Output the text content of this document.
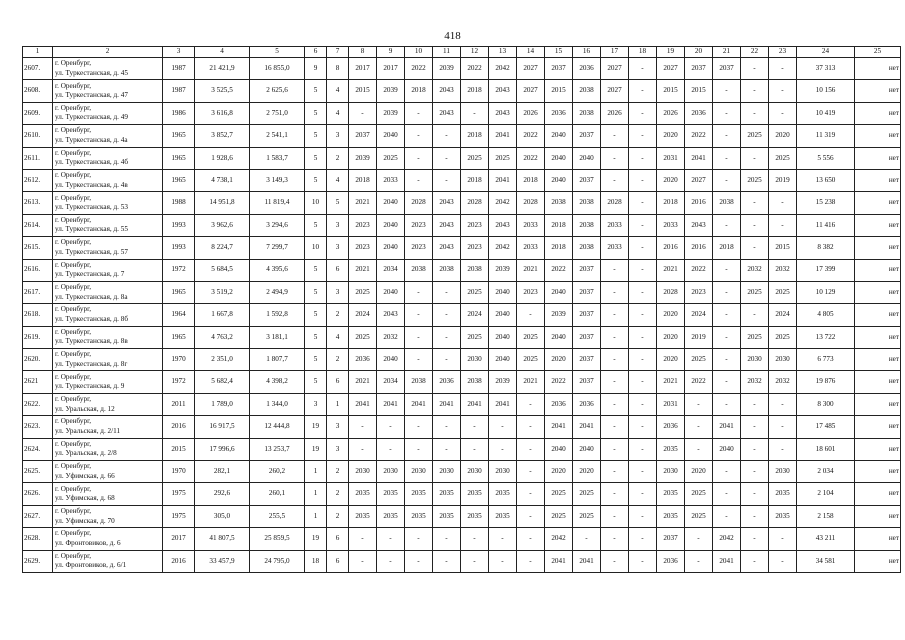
418
1	2	3	4	5	6	7	8	9	10	11	12	13	14	15	16	17	18	19	20	21	22	23	24	25
2607.	г. Оренбург,
ул. Туркестанская, д. 45	1987	21 421,9	16 855,0	9	8	2017	2017	2022	2039	2022	2042	2027	2037	2036	2027	-	2027	2037	2037	-	-	37 313	нет
2608.	г. Оренбург,
ул. Туркестанская, д. 47	1987	3 525,5	2 625,6	5	4	2015	2039	2018	2043	2018	2043	2027	2015	2038	2027	-	2015	2015	-	-	-	10 156	нет
2609.	г. Оренбург,
ул. Туркестанская, д. 49	1986	3 616,8	2 751,0	5	4	-	2039	-	2043	-	2043	2026	2036	2038	2026	-	2026	2036	-	-	-	10 419	нет
2610.	г. Оренбург,
ул. Туркестанская, д. 4а	1965	3 852,7	2 541,1	5	3	2037	2040	-	-	2018	2041	2022	2040	2037	-	-	2020	2022	-	2025	2020	11 319	нет
2611.	г. Оренбург,
ул. Туркестанская, д. 4б	1965	1 928,6	1 583,7	5	2	2039	2025	-	-	2025	2025	2022	2040	2040	-	-	2031	2041	-	-	2025	5 556	нет
2612.	г. Оренбург,
ул. Туркестанская, д. 4в	1965	4 738,1	3 149,3	5	4	2018	2033	-	-	2018	2041	2018	2040	2037	-	-	2020	2027	-	2025	2019	13 650	нет
2613.	г. Оренбург,
ул. Туркестанская, д. 53	1988	14 951,8	11 819,4	10	5	2021	2040	2028	2043	2028	2042	2028	2038	2038	2028	-	2018	2016	2038	-	-	15 238	нет
2614.	г. Оренбург,
ул. Туркестанская, д. 55	1993	3 962,6	3 294,6	5	3	2023	2040	2023	2043	2023	2043	2033	2018	2038	2033	-	2033	2043	-	-	-	11 416	нет
2615.	г. Оренбург,
ул. Туркестанская, д. 57	1993	8 224,7	7 299,7	10	3	2023	2040	2023	2043	2023	2042	2033	2018	2038	2033	-	2016	2016	2018	-	2015	8 382	нет
2616.	г. Оренбург,
ул. Туркестанская, д. 7	1972	5 684,5	4 395,6	5	6	2021	2034	2038	2038	2038	2039	2021	2022	2037	-	-	2021	2022	-	2032	2032	17 399	нет
2617.	г. Оренбург,
ул. Туркестанская, д. 8а	1965	3 519,2	2 494,9	5	3	2025	2040	-	-	2025	2040	2023	2040	2037	-	-	2028	2023	-	2025	2025	10 129	нет
2618.	г. Оренбург,
ул. Туркестанская, д. 8б	1964	1 667,8	1 592,8	5	2	2024	2043	-	-	2024	2040	-	2039	2037	-	-	2020	2024	-	-	2024	4 805	нет
2619.	г. Оренбург,
ул. Туркестанская, д. 8в	1965	4 763,2	3 181,1	5	4	2025	2032	-	-	2025	2040	2025	2040	2037	-	-	2020	2019	-	2025	2025	13 722	нет
2620.	г. Оренбург,
ул. Туркестанская, д. 8г	1970	2 351,0	1 807,7	5	2	2036	2040	-	-	2030	2040	2025	2020	2037	-	-	2020	2025	-	2030	2030	6 773	нет
2621	г. Оренбург,
ул. Туркестанская, д. 9	1972	5 682,4	4 398,2	5	6	2021	2034	2038	2036	2038	2039	2021	2022	2037	-	-	2021	2022	-	2032	2032	19 876	нет
2622.	г. Оренбург,
ул. Уральская, д. 12	2011	1 789,0	1 344,0	3	1	2041	2041	2041	2041	2041	2041	-	2036	2036	-	-	2031	-	-	-	-	8 300	нет
2623.	г. Оренбург,
ул. Уральская, д. 2/11	2016	16 917,5	12 444,8	19	3	-	-	-	-	-	-	-	2041	2041	-	-	2036	-	2041	-	-	17 485	нет
2624.	г. Оренбург,
ул. Уральская, д. 2/8	2015	17 996,6	13 253,7	19	3	-	-	-	-	-	-	-	2040	2040	-	-	2035	-	2040	-	-	18 601	нет
2625.	г. Оренбург,
ул. Уфимская, д. 66	1970	282,1	260,2	1	2	2030	2030	2030	2030	2030	2030	-	2020	2020	-	-	2030	2020	-	-	2030	2 034	нет
2626.	г. Оренбург,
ул. Уфимская, д. 68	1975	292,6	260,1	1	2	2035	2035	2035	2035	2035	2035	-	2025	2025	-	-	2035	2025	-	-	2035	2 104	нет
2627.	г. Оренбург,
ул. Уфимская, д. 70	1975	305,0	255,5	1	2	2035	2035	2035	2035	2035	2035	-	2025	2025	-	-	2035	2025	-	-	2035	2 158	нет
2628.	г. Оренбург,
ул. Фронтовиков, д. 6	2017	41 807,5	25 859,5	19	6	-	-	-	-	-	-	-	2042	-	-	-	2037	-	2042	-	-	43 211	нет
2629.	г. Оренбург,
ул. Фронтовиков, д. 6/1	2016	33 457,9	24 795,0	18	6	-	-	-	-	-	-	-	2041	2041	-	-	2036	-	2041	-	-	34 581	нет
